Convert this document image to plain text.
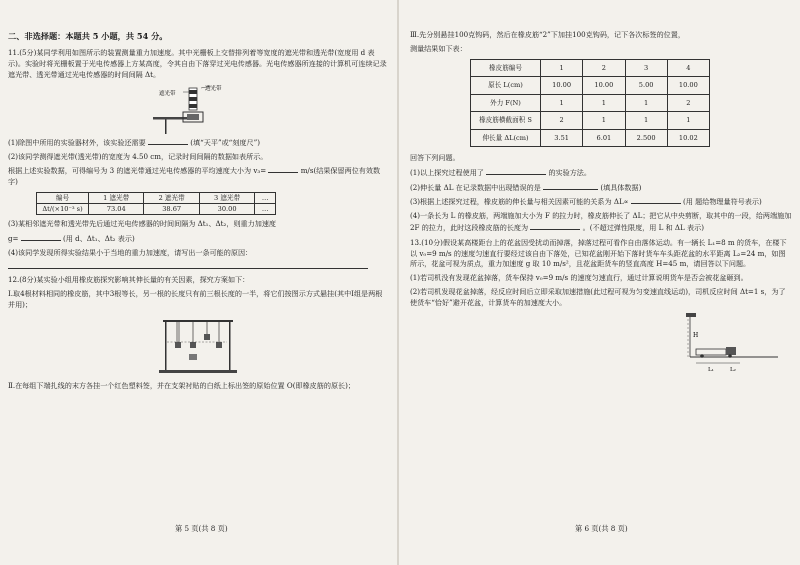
二、非选择题：本题共 5 小题，共 54 分。
11.(5分)某同学利用如图所示的装置测量重力加速度。其中光栅板上交替排列着等宽度的遮光带和透光带(宽度用 d 表示)。实验时将光栅板置于光电传感器上方某高度，令其自由下落穿过光电传感器。光电传感器所连接的计算机可连续记录遮光带、透光带通过光电传感器的时间间隔 Δt。
遮光带
透光带
(1)除图中所用的实验器材外，该实验还需要	(填“天平”或“刻度尺”)
(2)该同学测得遮光带(透光带)的宽度为 4.50 cm，记录时间间隔的数据如表所示。
根据上述实验数据，可得编号为 3 的遮光带通过光电传感器的平均速度大小为 v₃=	m/s(结果保留两位有效数字)
编号	1 遮光带	2 遮光带	3 遮光带	…
Δt/(×10⁻³ s)	73.04	38.67	30.00	…
(3)某相邻遮光带和透光带先后通过光电传感器的时间间隔为 Δt₁、Δt₂，则重力加速度
g=	(用 d、Δt₁、Δt₂ 表示)
(4)该同学发现所得实验结果小于当地的重力加速度，请写出一条可能的原因：
12.(8分)某实验小组用橡皮筋探究影响其伸长量的有关因素，探究方案如下：
Ⅰ.取4根材料相同的橡皮筋，其中3根等长，另一根的长度只有前三根长度的一半，将它们按图示方式悬挂(其中Ⅰ组是两根并用)；
Ⅱ.在每组下端扎线的末方各挂一个红色塑料签，并在支架衬贴的白纸上标出签的原始位置 O(即橡皮筋的原长)；
第 5 页(共 8 页)
Ⅲ.先分别悬挂100克钩码，然后在橡皮筋“2”下加挂100克钩码，记下各次标签的位置，
测量结果如下表：
橡皮筋编号	1	2	3	4
原长 L(cm)	10.00	10.00	5.00	10.00
外力 F(N)	1	1	1	2
橡皮筋横截面积 S	2	1	1	1
伸长量 ΔL(cm)	3.51	6.01	2.500	10.02
回答下列问题。
(1)以上探究过程使用了	的实验方法。
(2)伸长量 ΔL 在记录数据中出现错误的是	(填具体数据)
(3)根据上述探究过程，橡皮筋的伸长量与相关因素可能的关系为 ΔL∝	(用 题给物理量符号表示)
(4)一条长为 L 的橡皮筋，两端施加大小为 F 的拉力时，橡皮筋伸长了 ΔL；把它从中央剪断，取其中的一段，给两端施加 2F 的拉力，此时这段橡皮筋的长度为	。(不超过弹性限度，用 L 和 ΔL 表示)
13.(10分)假设某高楼距台上的花盆因受扰动而掉落，掉落过程可看作自由落体运动。有一辆长 L₁=8 m 的货车，在楼下以 v₀=9 m/s 的速度匀速直行要经过该自由下落处，已知花盆刚开始下落时货车车头距花盆的水平距离 L₂=24 m，如图所示，花盆可视为质点，重力加速度 g 取 10 m/s²，且花盆距货车的竖直高度 H=45 m，请回答以下问题。
(1)若司机没有发现花盆掉落，货车保持 v₀=9 m/s 的速度匀速直行，通过计算说明货车是否会被花盆砸到。
(2)若司机发现花盆掉落，经反应时间后立即采取加速措施(此过程可视为匀变速直线运动)，司机反应时间 Δt=1 s，为了使货车“恰好”避开花盆，计算货车的加速度大小。
H
L₁	L₂
第 6 页(共 8 页)
